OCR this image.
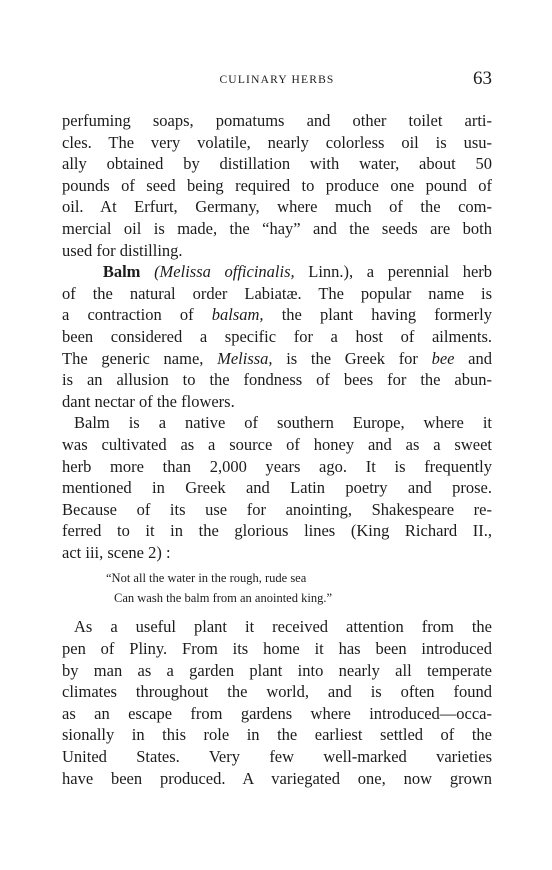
CULINARY HERBS	63
perfuming soaps, pomatums and other toilet arti-
cles. The very volatile, nearly colorless oil is usu-
ally obtained by distillation with water, about 50
pounds of seed being required to produce one pound of
oil. At Erfurt, Germany, where much of the com-
mercial oil is made, the “hay” and the seeds are both
used for distilling.
Balm (Melissa officinalis, Linn.), a perennial herb
of the natural order Labiatæ. The popular name is
a contraction of balsam, the plant having formerly
been considered a specific for a host of ailments.
The generic name, Melissa, is the Greek for bee and
is an allusion to the fondness of bees for the abun-
dant nectar of the flowers.
Balm is a native of southern Europe, where it
was cultivated as a source of honey and as a sweet
herb more than 2,000 years ago. It is frequently
mentioned in Greek and Latin poetry and prose.
Because of its use for anointing, Shakespeare re-
ferred to it in the glorious lines (King Richard II.,
act iii, scene 2) :
“Not all the water in the rough, rude sea
Can wash the balm from an anointed king.”
As a useful plant it received attention from the
pen of Pliny. From its home it has been introduced
by man as a garden plant into nearly all temperate
climates throughout the world, and is often found
as an escape from gardens where introduced—occa-
sionally in this role in the earliest settled of the
United States. Very few well-marked varieties
have been produced. A variegated one, now grown
